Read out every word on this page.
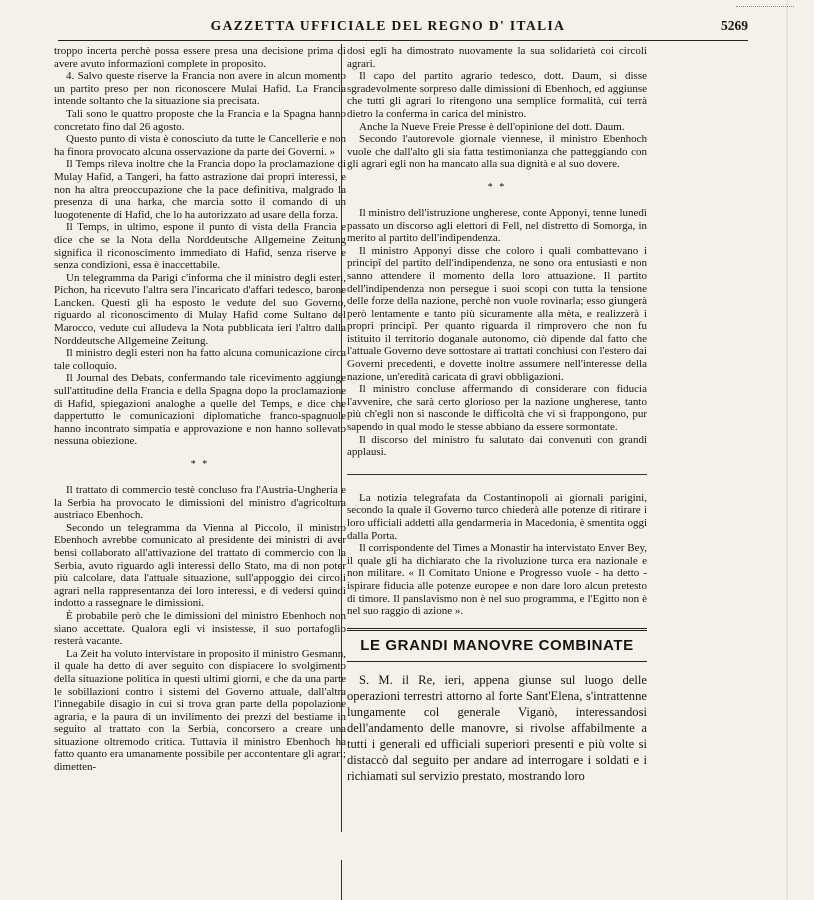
GAZZETTA UFFICIALE DEL REGNO D' ITALIA	5269

troppo incerta perchè possa essere presa una decisione prima di avere avuto informazioni complete in proposito.

4. Salvo queste riserve la Francia non avere in alcun momento un partito preso per non riconoscere Mulai Hafid. La Francia intende soltanto che la situazione sia precisata.

Tali sono le quattro proposte che la Francia e la Spagna hanno concretato fino dal 26 agosto.

Questo punto di vista è conosciuto da tutte le Cancellerie e non ha finora provocato alcuna osservazione da parte dei Governi. »

Il Temps rileva inoltre che la Francia dopo la proclamazione di Mulay Hafid, a Tangeri, ha fatto astrazione dai propri interessi, e non ha altra preoccupazione che la pace definitiva, malgrado la presenza di una harka, che marcia sotto il comando di un luogotenente di Hafid, che lo ha autorizzato ad usare della forza.

Il Temps, in ultimo, espone il punto di vista della Francia e dice che se la Nota della Norddeutsche Allgemeine Zeitung significa il riconoscimento immediato di Hafid, senza riserve e senza condizioni, essa è inaccettabile.

Un telegramma da Parigi c'informa che il ministro degli esteri, Pichon, ha ricevuto l'altra sera l'incaricato d'affari tedesco, barone Lancken. Questi gli ha esposto le vedute del suo Governo, riguardo al riconoscimento di Mulay Hafid come Sultano del Marocco, vedute cui alludeva la Nota pubblicata ieri l'altro dalla Norddeutsche Allgemeine Zeitung.

Il ministro degli esteri non ha fatto alcuna comunicazione circa tale colloquio.

Il Journal des Debats, confermando tale ricevimento aggiunge sull'attitudine della Francia e della Spagna dopo la proclamazione di Hafid, spiegazioni analoghe a quelle del Temps, e dice che dappertutto le comunicazioni diplomatiche franco-spagnuole hanno incontrato simpatia e approvazione e non hanno sollevato nessuna obiezione.

* *

Il trattato di commercio testè concluso fra l'Austria-Ungheria e la Serbia ha provocato le dimissioni del ministro d'agricoltura austriaco Ebenhoch.

Secondo un telegramma da Vienna al Piccolo, il ministro Ebenhoch avrebbe comunicato al presidente dei ministri di aver bensì collaborato all'attivazione del trattato di commercio con la Serbia, avuto riguardo agli interessi dello Stato, ma di non poter più calcolare, data l'attuale situazione, sull'appoggio dei circoli agrari nella rappresentanza dei loro interessi, e di vedersi quindi indotto a rassegnare le dimissioni.

È probabile però che le dimissioni del ministro Ebenhoch non siano accettate. Qualora egli vi insistesse, il suo portafoglio resterà vacante.

La Zeit ha voluto intervistare in proposito il ministro Gesmann, il quale ha detto di aver seguito con dispiacere lo svolgimento della situazione politica in questi ultimi giorni, e che da una parte le sobillazioni contro i sistemi del Governo attuale, dall'altra l'innegabile disagio in cui si trova gran parte della popolazione agraria, e la paura di un invilimento dei prezzi del bestiame in seguito al trattato con la Serbia, concorsero a creare una situazione oltremodo critica. Tuttavia il ministro Ebenhoch ha fatto quanto era umanamente possibile per accontentare gli agrari; dimetten-

dosi egli ha dimostrato nuovamente la sua solidarietà coi circoli agrari.

Il capo del partito agrario tedesco, dott. Daum, si disse sgradevolmente sorpreso dalle dimissioni di Ebenhoch, ed aggiunse che tutti gli agrari lo ritengono una semplice formalità, cui terrà dietro la conferma in carica del ministro.

Anche la Nueve Freie Presse è dell'opinione del dott. Daum.

Secondo l'autorevole giornale viennese, il ministro Ebenhoch vuole che dall'alto gli sia fatta testimonianza che patteggiando con gli agrari egli non ha mancato alla sua dignità e al suo dovere.

* *

Il ministro dell'istruzione ungherese, conte Apponyi, tenne lunedì passato un discorso agli elettori di Fell, nel distretto di Somorga, in merito al partito dell'indipendenza.

Il ministro Apponyi disse che coloro i quali combattevano i principî del partito dell'indipendenza, ne sono ora entusiasti e non sanno attendere il momento della loro attuazione. Il partito dell'indipendenza non persegue i suoi scopi con tutta la tensione delle forze della nazione, perchè non vuole rovinarla; esso giungerà però lentamente e tanto più sicuramente alla mèta, e realizzerà i propri principî. Per quanto riguarda il rimprovero che non fu istituito il territorio doganale autonomo, ciò dipende dal fatto che l'attuale Governo deve sottostare ai trattati conchiusi con l'estero dai Governi precedenti, e dovette inoltre assumere nell'interesse della nazione, un'eredità caricata di gravi obbligazioni.

Il ministro concluse affermando di considerare con fiducia l'avvenire, che sarà certo glorioso per la nazione ungherese, tanto più ch'egli non si nasconde le difficoltà che vi si frappongono, pur sapendo in qual modo le stesse abbiano da essere sormontate.

Il discorso del ministro fu salutato dai convenuti con grandi applausi.

La notizia telegrafata da Costantinopoli ai giornali parigini, secondo la quale il Governo turco chiederà alle potenze di ritirare i loro ufficiali addetti alla gendarmeria in Macedonia, è smentita oggi dalla Porta.

Il corrispondente del Times a Monastir ha intervistato Enver Bey, il quale gli ha dichiarato che la rivoluzione turca era nazionale e non militare. « Il Comitato Unione e Progresso vuole - ha detto - ispirare fiducia alle potenze europee e non dare loro alcun pretesto di timore. Il panslavismo non è nel suo programma, e l'Egitto non è nel suo raggio di azione ».

LE GRANDI MANOVRE COMBINATE

S. M. il Re, ieri, appena giunse sul luogo delle operazioni terrestri attorno al forte Sant'Elena, s'intrattenne lungamente col generale Viganò, interessandosi dell'andamento delle manovre, si rivolse affabilmente a tutti i generali ed ufficiali superiori presenti e più volte si distaccò dal seguito per andare ad interrogare i soldati e i richiamati sul servizio prestato, mostrando loro
